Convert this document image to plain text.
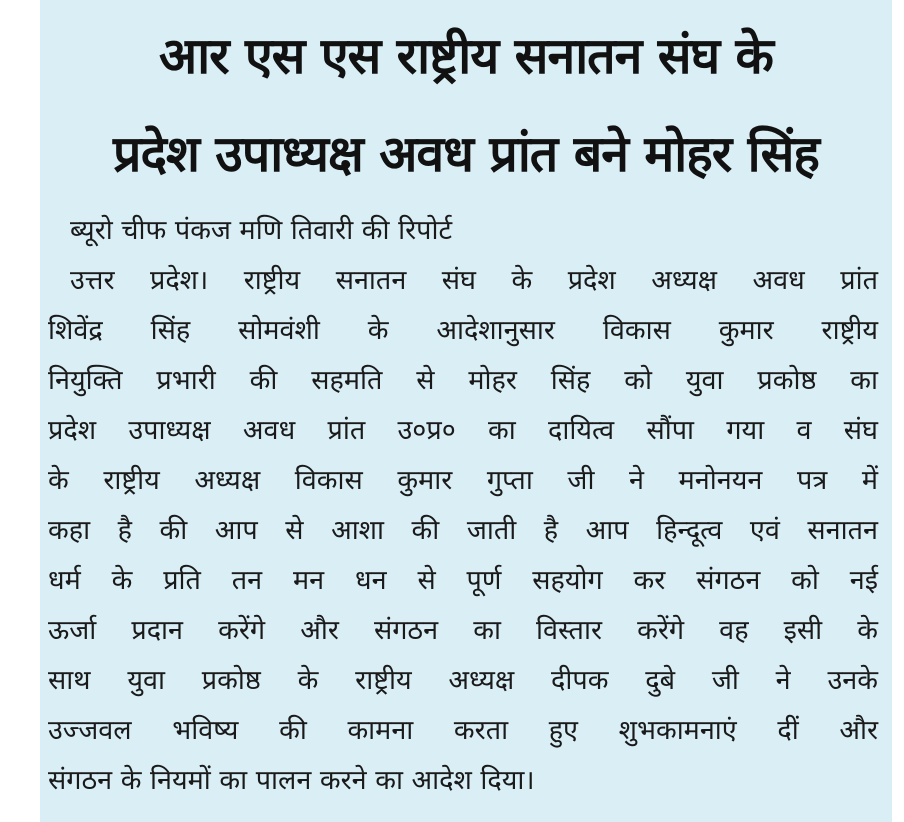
आर एस एस राष्ट्रीय सनातन संघ के
प्रदेश उपाध्यक्ष अवध प्रांत बने मोहर सिंह
ब्यूरो चीफ पंकज मणि तिवारी की रिपोर्ट
उत्तर प्रदेश। राष्ट्रीय सनातन संघ के प्रदेश अध्यक्ष अवध प्रांत
शिवेंद्र सिंह सोमवंशी के आदेशानुसार विकास कुमार राष्ट्रीय
नियुक्ति प्रभारी की सहमति से मोहर सिंह को युवा प्रकोष्ठ का
प्रदेश उपाध्यक्ष अवध प्रांत उ०प्र० का दायित्व सौंपा गया व संघ
के राष्ट्रीय अध्यक्ष विकास कुमार गुप्ता जी ने मनोनयन पत्र में
कहा है की आप से आशा की जाती है आप हिन्दूत्व एवं सनातन
धर्म के प्रति तन मन धन से पूर्ण सहयोग कर संगठन को नई
ऊर्जा प्रदान करेंगे और संगठन का विस्तार करेंगे वह इसी के
साथ युवा प्रकोष्ठ के राष्ट्रीय अध्यक्ष दीपक दुबे जी ने उनके
उज्जवल भविष्य की कामना करता हुए शुभकामनाएं दीं और
संगठन के नियमों का पालन करने का आदेश दिया।
